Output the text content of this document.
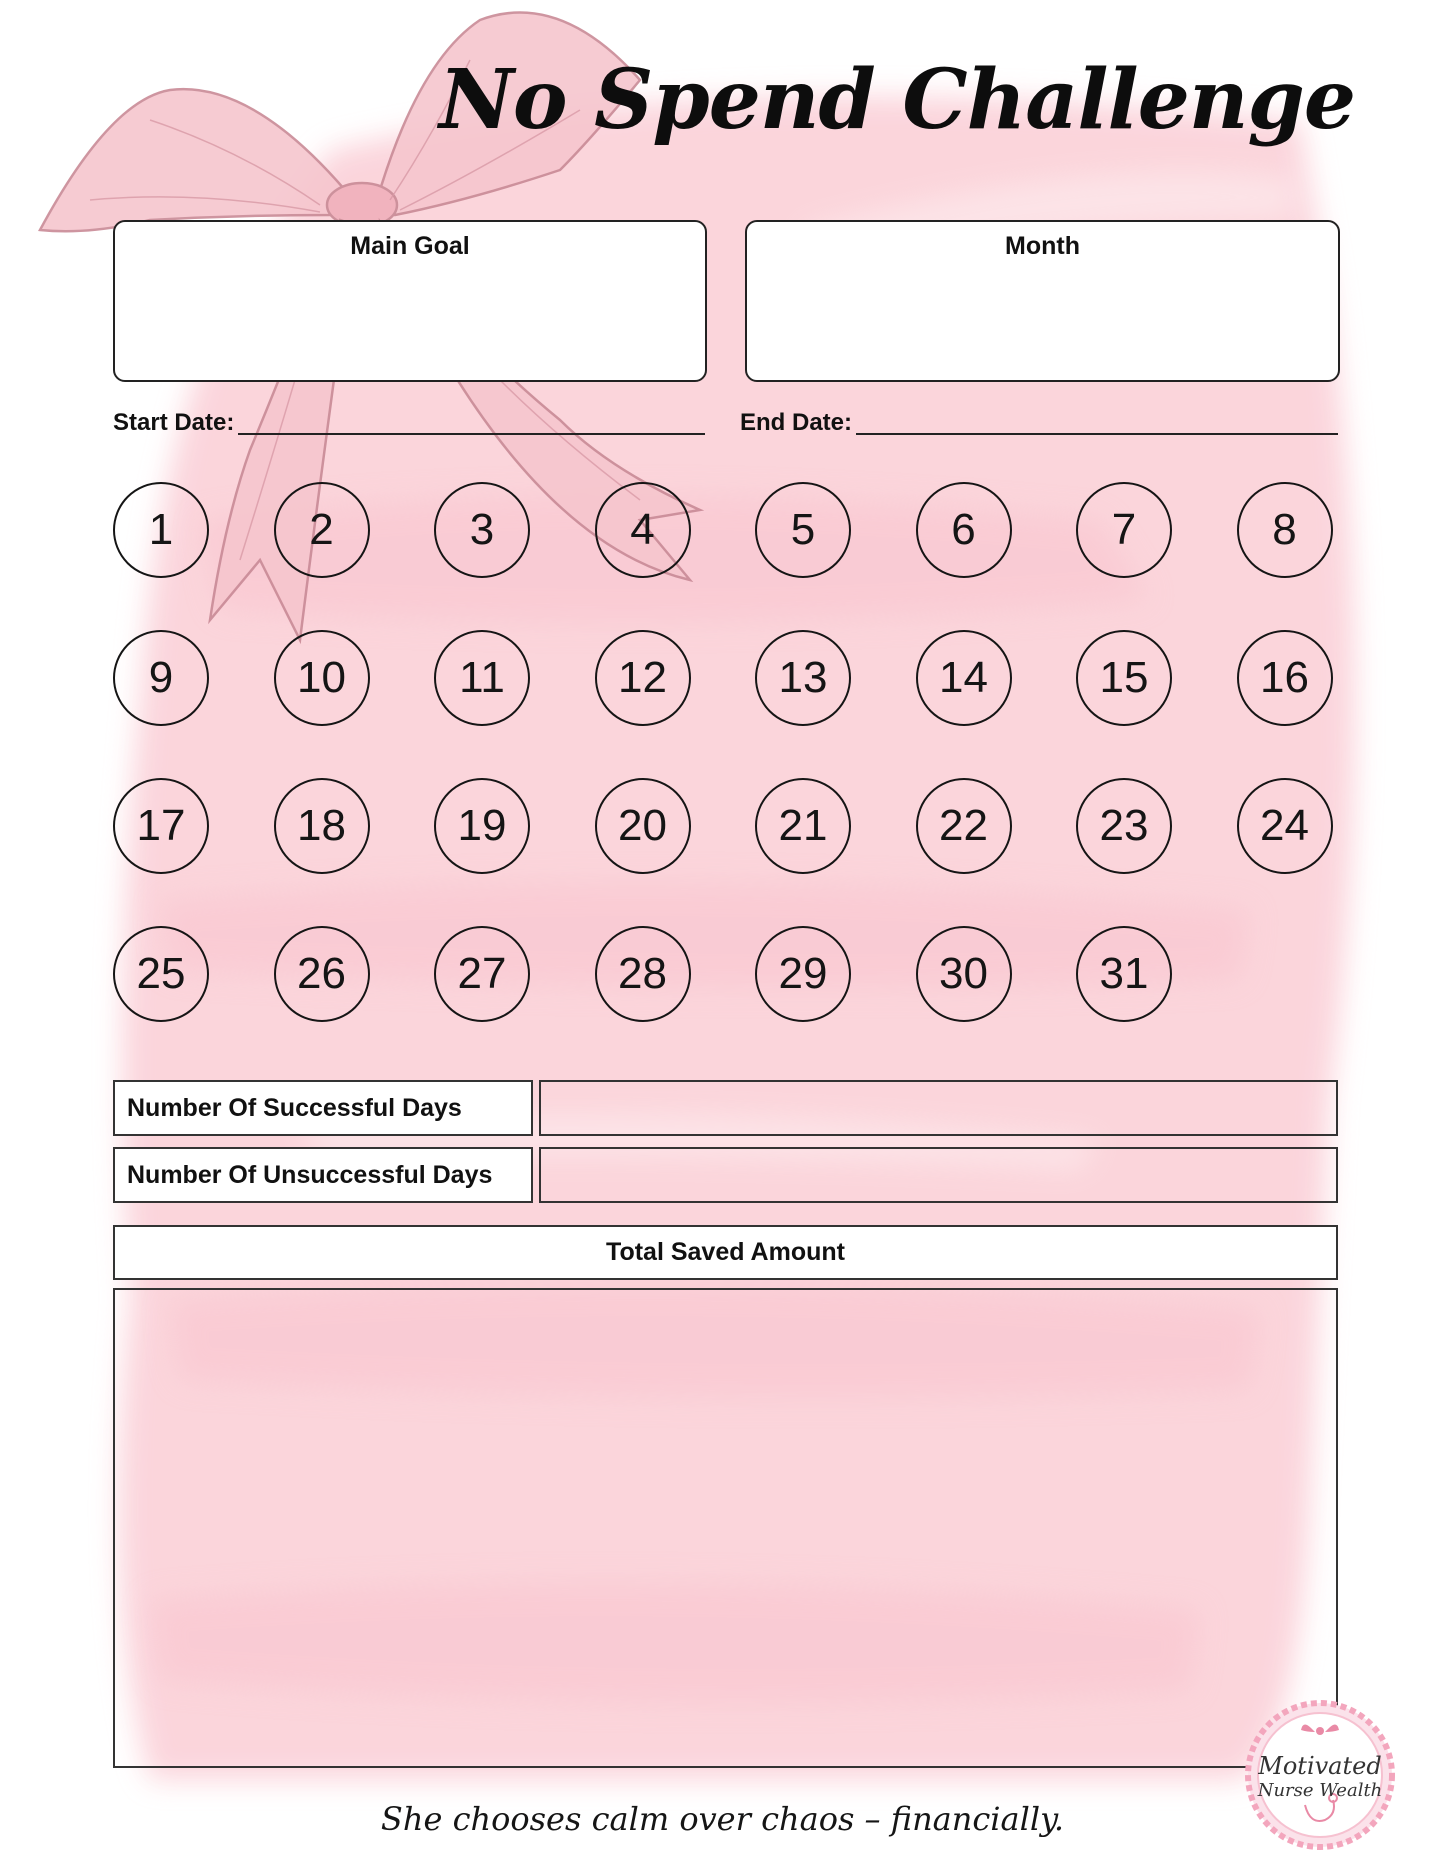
No Spend Challenge
Main Goal	Month
Start Date:	End Date:
1	2	3	4	5	6	7	8
9	10	11	12	13	14	15	16
17	18	19	20	21	22	23	24
25	26	27	28	29	30	31
Number Of Successful Days
Number Of Unsuccessful Days
Total Saved Amount
She chooses calm over chaos – financially.
Motivated
Nurse Wealth
